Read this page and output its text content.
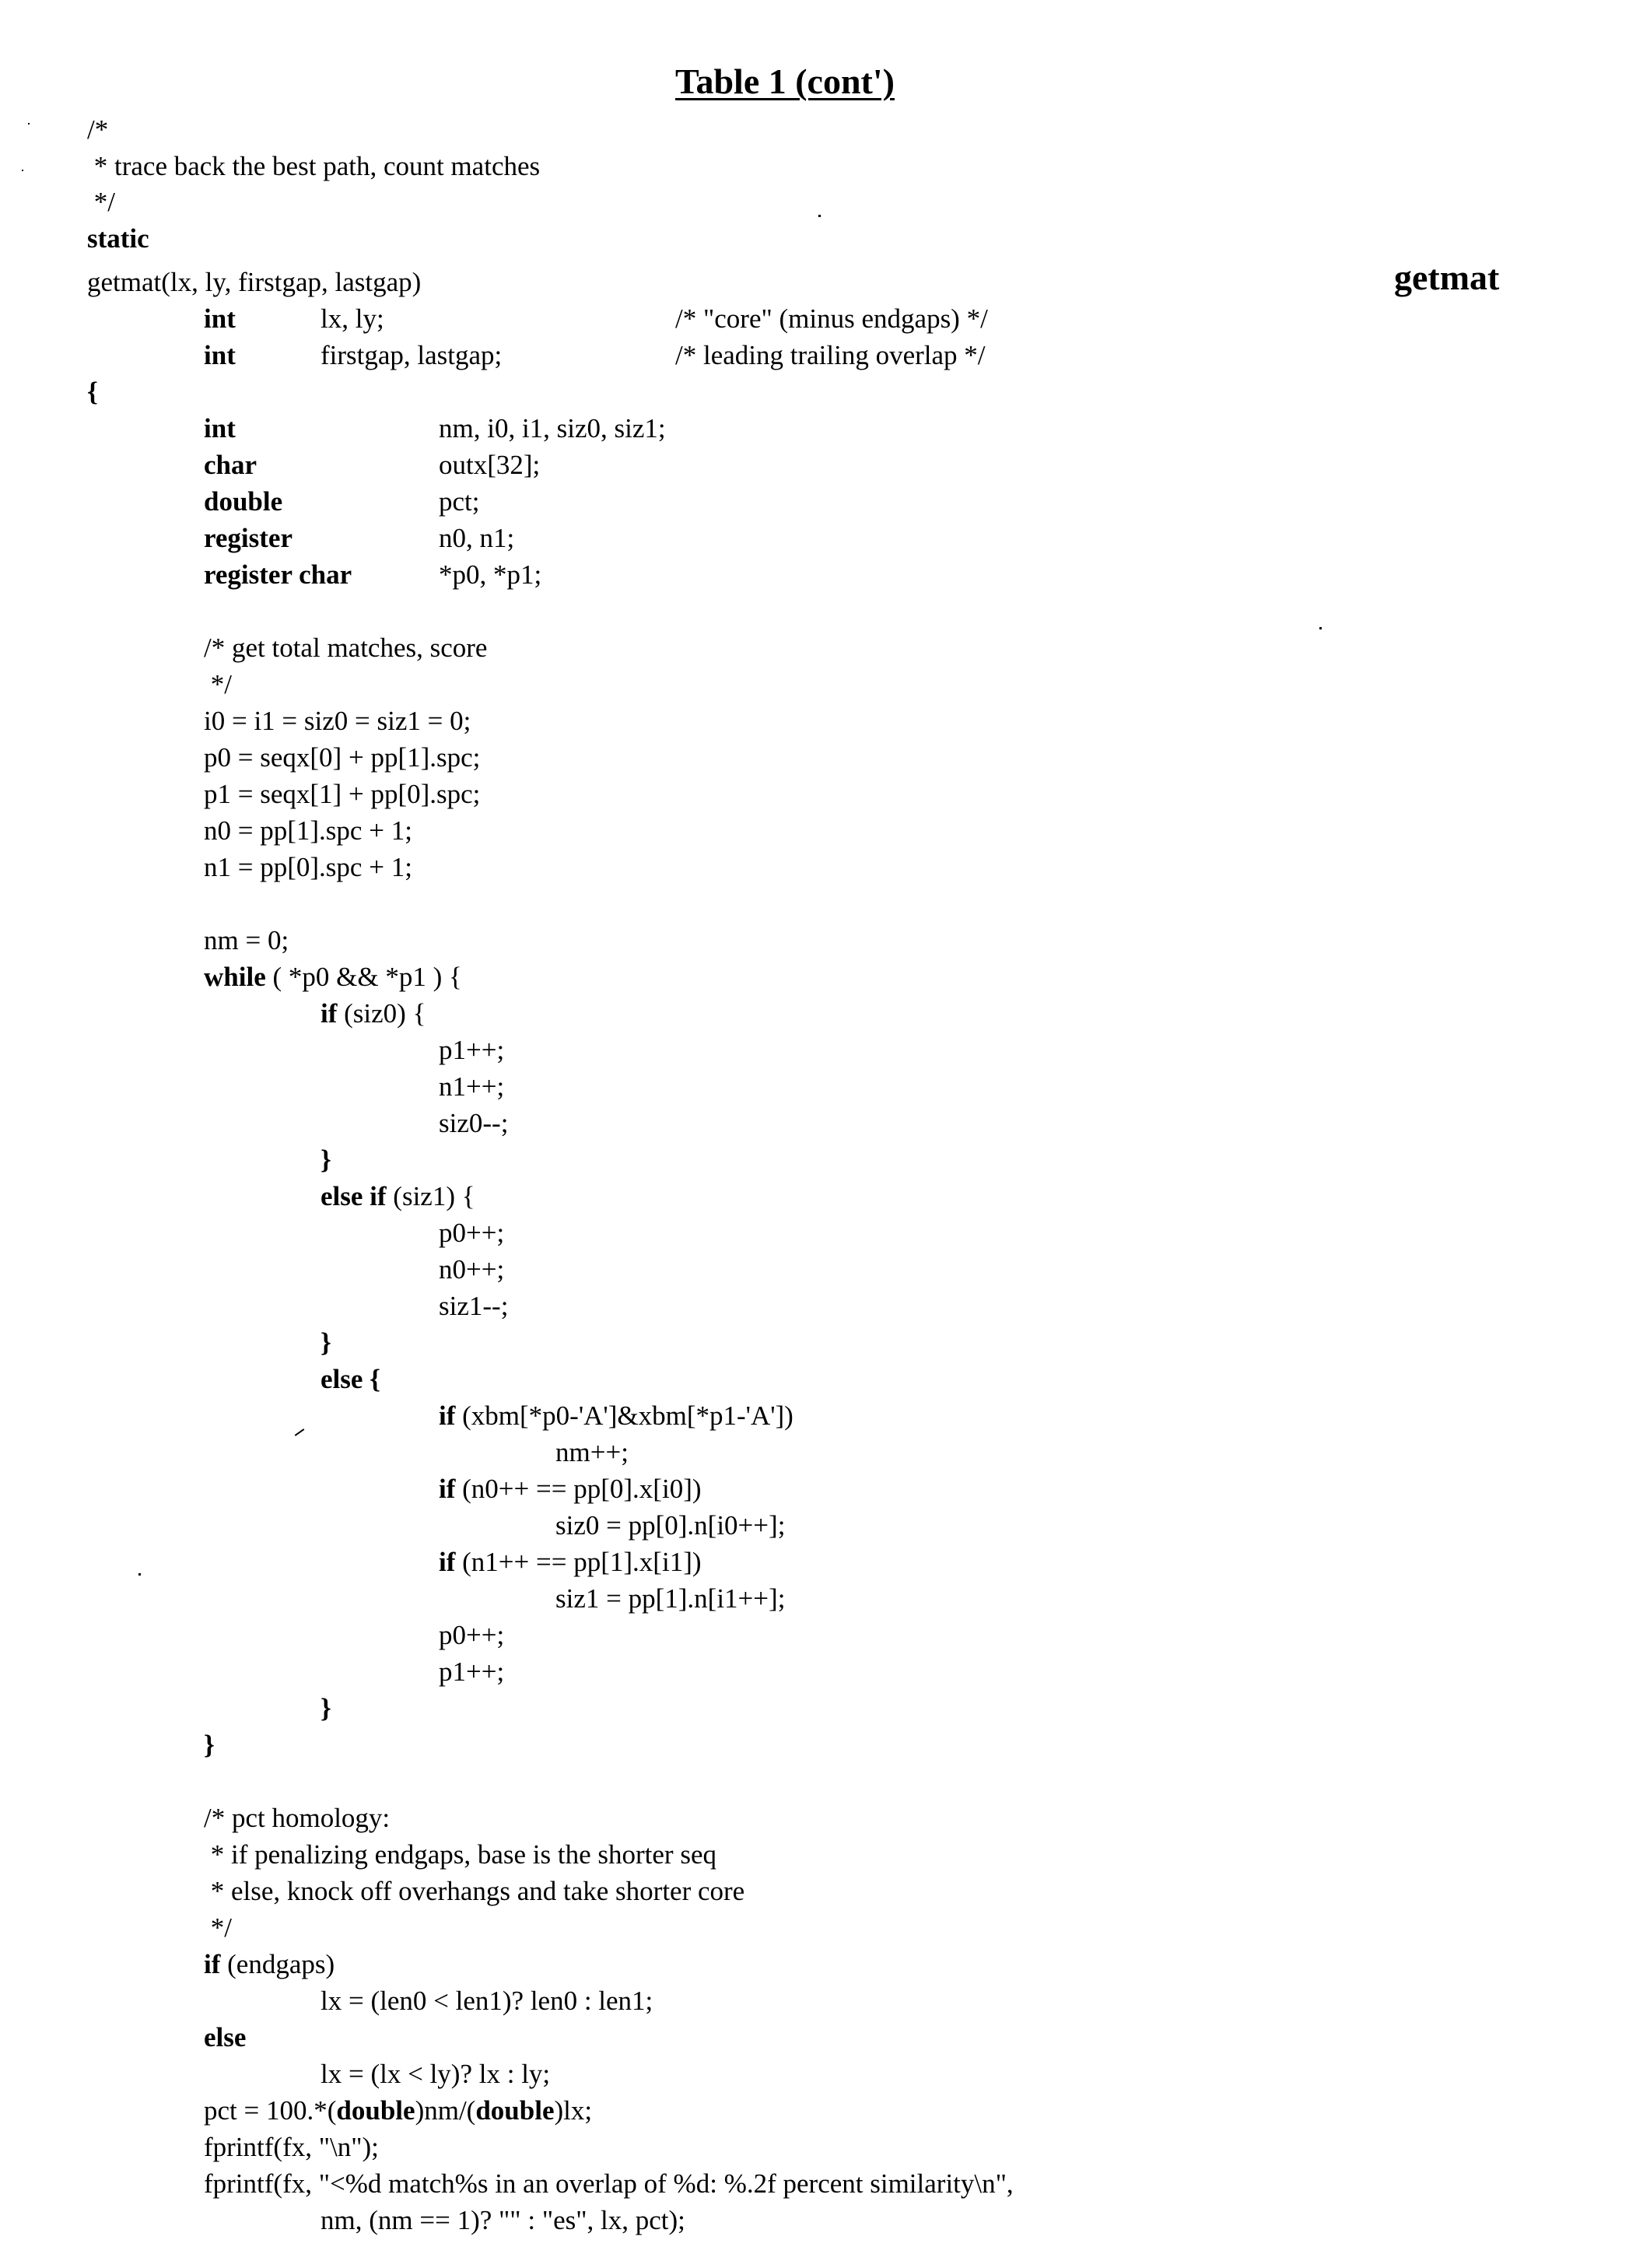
Table 1 (cont')
getmat
/*
* trace back the best path, count matches
*/
static
getmat(lx, ly, firstgap, lastgap)
int	lx, ly;	/* "core" (minus endgaps) */
int	firstgap, lastgap;	/* leading trailing overlap */
{
int	nm, i0, i1, siz0, siz1;
char	outx[32];
double	pct;
register	n0, n1;
register char	*p0, *p1;
/* get total matches, score
*/
i0 = i1 = siz0 = siz1 = 0;
p0 = seqx[0] + pp[1].spc;
p1 = seqx[1] + pp[0].spc;
n0 = pp[1].spc + 1;
n1 = pp[0].spc + 1;
nm = 0;
while ( *p0 && *p1 ) {
if (siz0) {
p1++;
n1++;
siz0--;
}
else if (siz1) {
p0++;
n0++;
siz1--;
}
else {
if (xbm[*p0-'A']&xbm[*p1-'A'])
nm++;
if (n0++ == pp[0].x[i0])
siz0 = pp[0].n[i0++];
if (n1++ == pp[1].x[i1])
siz1 = pp[1].n[i1++];
p0++;
p1++;
}
}
/* pct homology:
* if penalizing endgaps, base is the shorter seq
* else, knock off overhangs and take shorter core
*/
if (endgaps)
lx = (len0 < len1)? len0 : len1;
else
lx = (lx < ly)? lx : ly;
pct = 100.*(double)nm/(double)lx;
fprintf(fx, "\n");
fprintf(fx, "<%d match%s in an overlap of %d: %.2f percent similarity\n",
nm, (nm == 1)? "" : "es", lx, pct);
